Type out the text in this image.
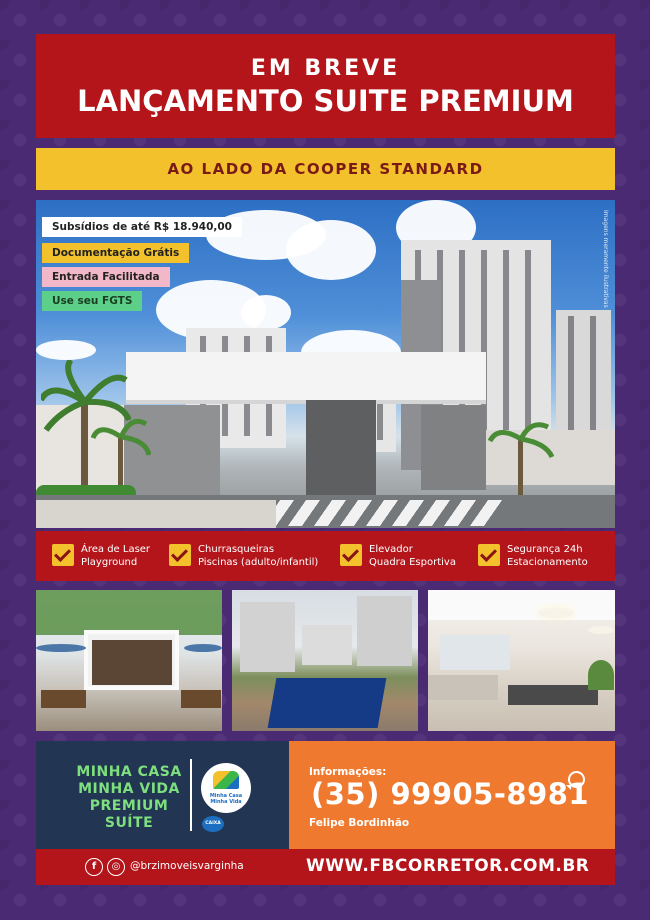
EM BREVE
LANÇAMENTO SUITE PREMIUM
AO LADO DA COOPER STANDARD
Imagens meramente ilustrativas
Subsídios de até R$ 18.940,00
Documentação Grátis
Entrada Facilitada
Use seu FGTS
Área de Laser
Playground
Churrasqueiras
Piscinas (adulto/infantil)
Elevador
Quadra Esportiva
Segurança 24h
Estacionamento
MINHA CASA
MINHA VIDA
PREMIUM
SUÍTE
Minha Casa Minha Vida
CAIXA
Informações:
(35) 99905-8981
Felipe Bordinhão
f	◎ @brzimoveisvarginha	WWW.FBCORRETOR.COM.BR
